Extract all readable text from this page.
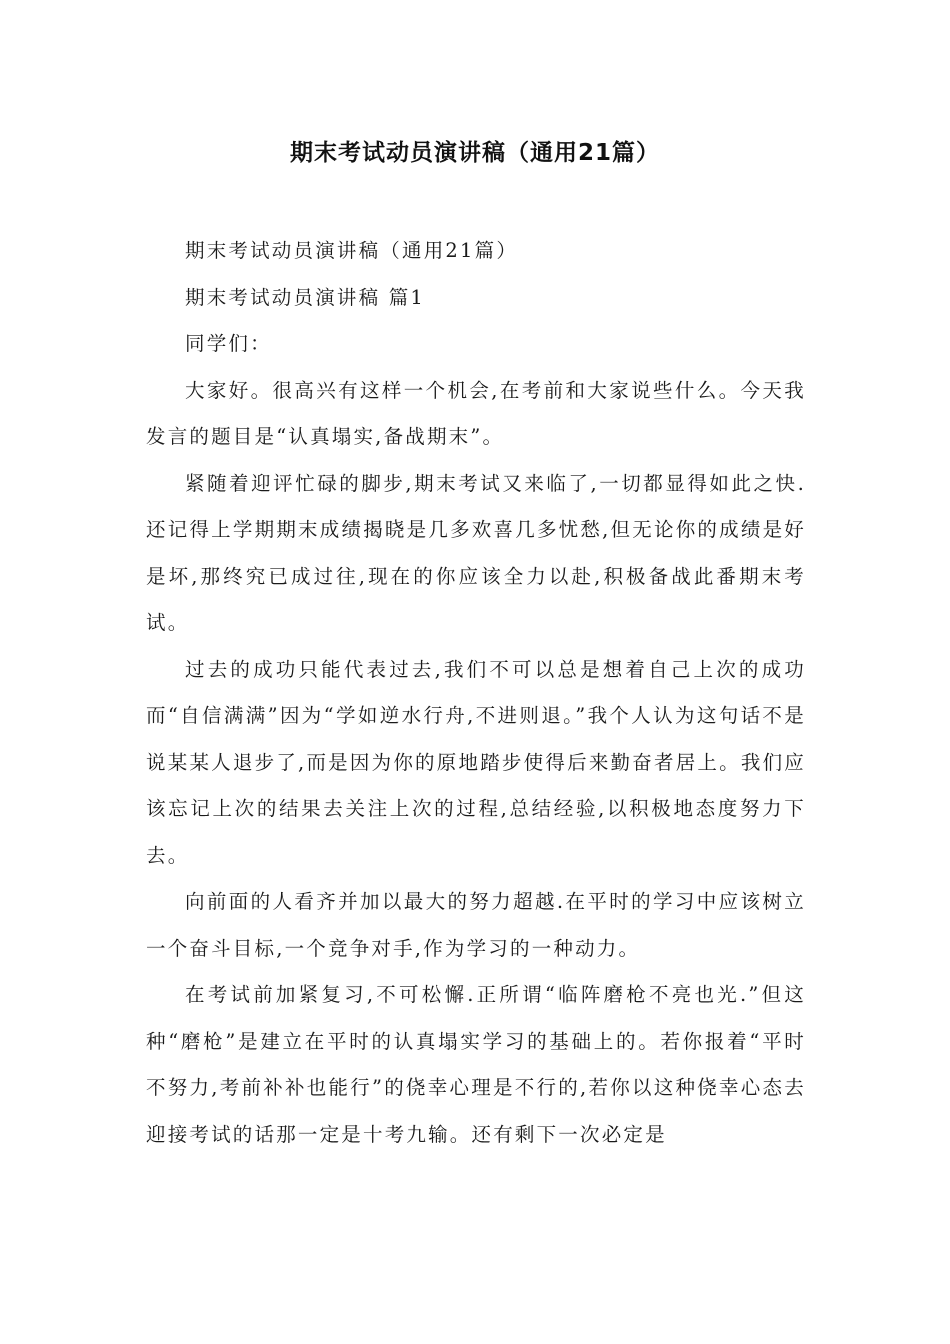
期末考试动员演讲稿（通用21篇）

期末考试动员演讲稿（通用21篇）

期末考试动员演讲稿 篇1

同学们：

大家好。很高兴有这样一个机会,在考前和大家说些什么。今天我发言的题目是“认真塌实,备战期末”。

紧随着迎评忙碌的脚步,期末考试又来临了,一切都显得如此之快.还记得上学期期末成绩揭晓是几多欢喜几多忧愁,但无论你的成绩是好是坏,那终究已成过往,现在的你应该全力以赴,积极备战此番期末考试。

过去的成功只能代表过去,我们不可以总是想着自己上次的成功而“自信满满”因为“学如逆水行舟,不进则退。”我个人认为这句话不是说某某人退步了,而是因为你的原地踏步使得后来勤奋者居上。我们应该忘记上次的结果去关注上次的过程,总结经验,以积极地态度努力下去。

向前面的人看齐并加以最大的努力超越.在平时的学习中应该树立一个奋斗目标,一个竞争对手,作为学习的一种动力。

在考试前加紧复习,不可松懈.正所谓“临阵磨枪不亮也光.”但这种“磨枪”是建立在平时的认真塌实学习的基础上的。若你报着“平时不努力,考前补补也能行”的侥幸心理是不行的,若你以这种侥幸心态去迎接考试的话那一定是十考九输。还有剩下一次必定是
